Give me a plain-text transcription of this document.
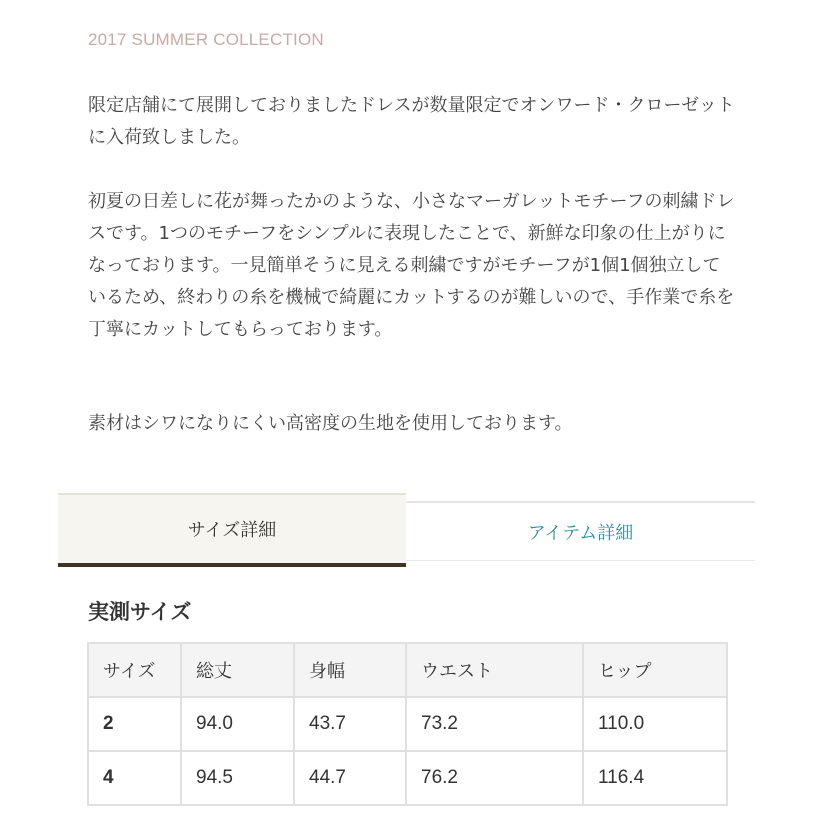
2017 SUMMER COLLECTION

限定店舗にて展開しておりましたドレスが数量限定でオンワード・クローゼットに入荷致しました。

初夏の日差しに花が舞ったかのような、小さなマーガレットモチーフの刺繍ドレスです。1つのモチーフをシンプルに表現したことで、新鮮な印象の仕上がりになっております。一見簡単そうに見える刺繍ですがモチーフが1個1個独立しているため、終わりの糸を機械で綺麗にカットするのが難しいので、手作業で糸を丁寧にカットしてもらっております。

素材はシワになりにくい高密度の生地を使用しております。

サイズ詳細	アイテム詳細
実測サイズ
サイズ	総丈	身幅	ウエスト	ヒップ
2	94.0	43.7	73.2	110.0
4	94.5	44.7	76.2	116.4
